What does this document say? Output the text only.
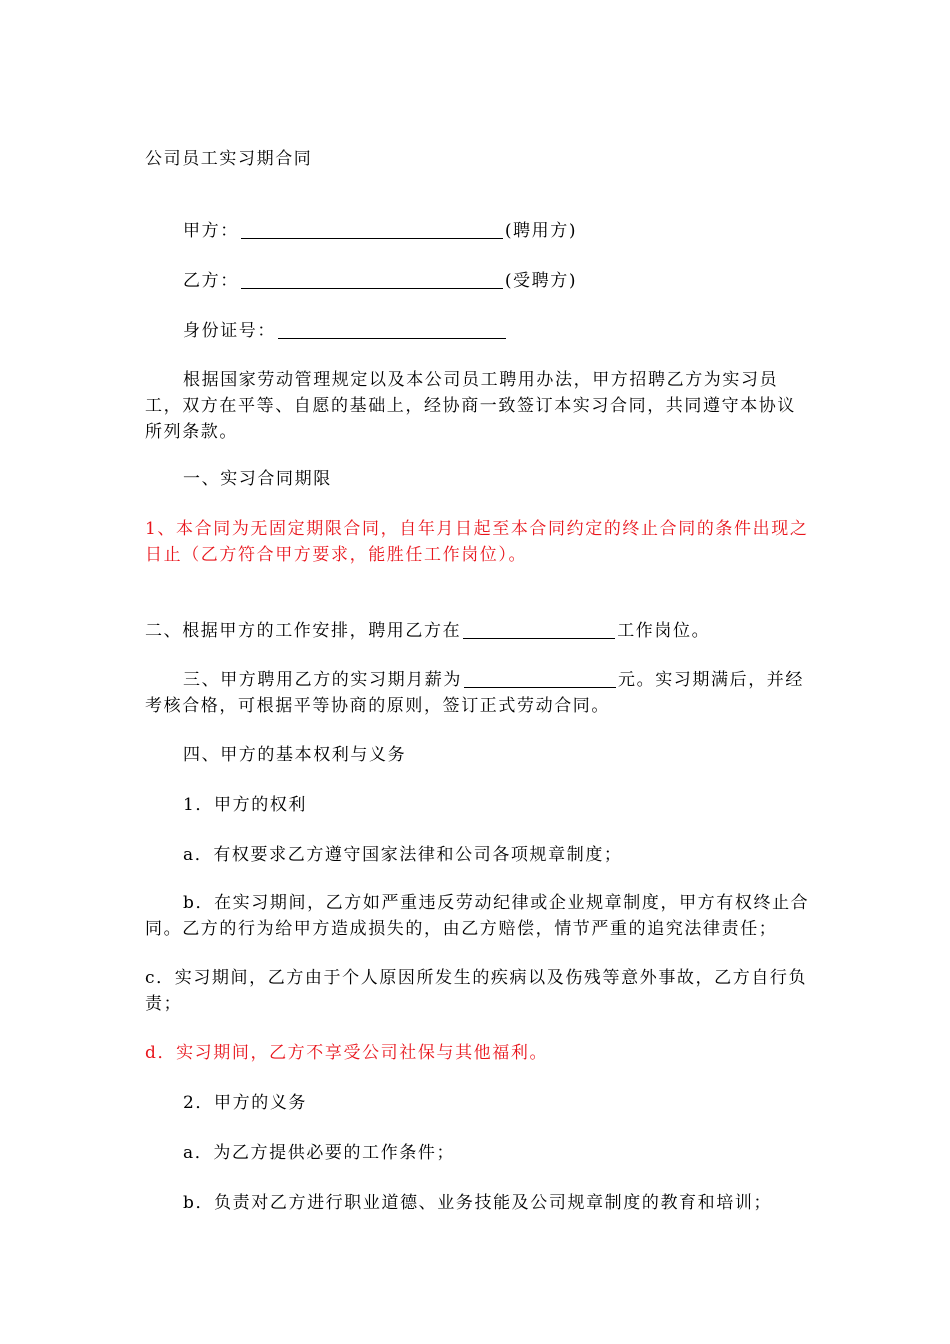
公司员工实习期合同

甲方：	(聘用方)

乙方：	(受聘方)

身份证号：

根据国家劳动管理规定以及本公司员工聘用办法，甲方招聘乙方为实习员工，双方在平等、自愿的基础上，经协商一致签订本实习合同，共同遵守本协议所列条款。

一、实习合同期限

1、本合同为无固定期限合同，自年月日起至本合同约定的终止合同的条件出现之日止（乙方符合甲方要求，能胜任工作岗位）。

二、根据甲方的工作安排，聘用乙方在	工作岗位。

三、甲方聘用乙方的实习期月薪为	元。实习期满后，并经考核合格，可根据平等协商的原则，签订正式劳动合同。

四、甲方的基本权利与义务

1．甲方的权利

a．有权要求乙方遵守国家法律和公司各项规章制度；

b．在实习期间，乙方如严重违反劳动纪律或企业规章制度，甲方有权终止合同。乙方的行为给甲方造成损失的，由乙方赔偿，情节严重的追究法律责任；

c．实习期间，乙方由于个人原因所发生的疾病以及伤残等意外事故，乙方自行负责；

d．实习期间，乙方不享受公司社保与其他福利。

2．甲方的义务

a．为乙方提供必要的工作条件；

b．负责对乙方进行职业道德、业务技能及公司规章制度的教育和培训；
